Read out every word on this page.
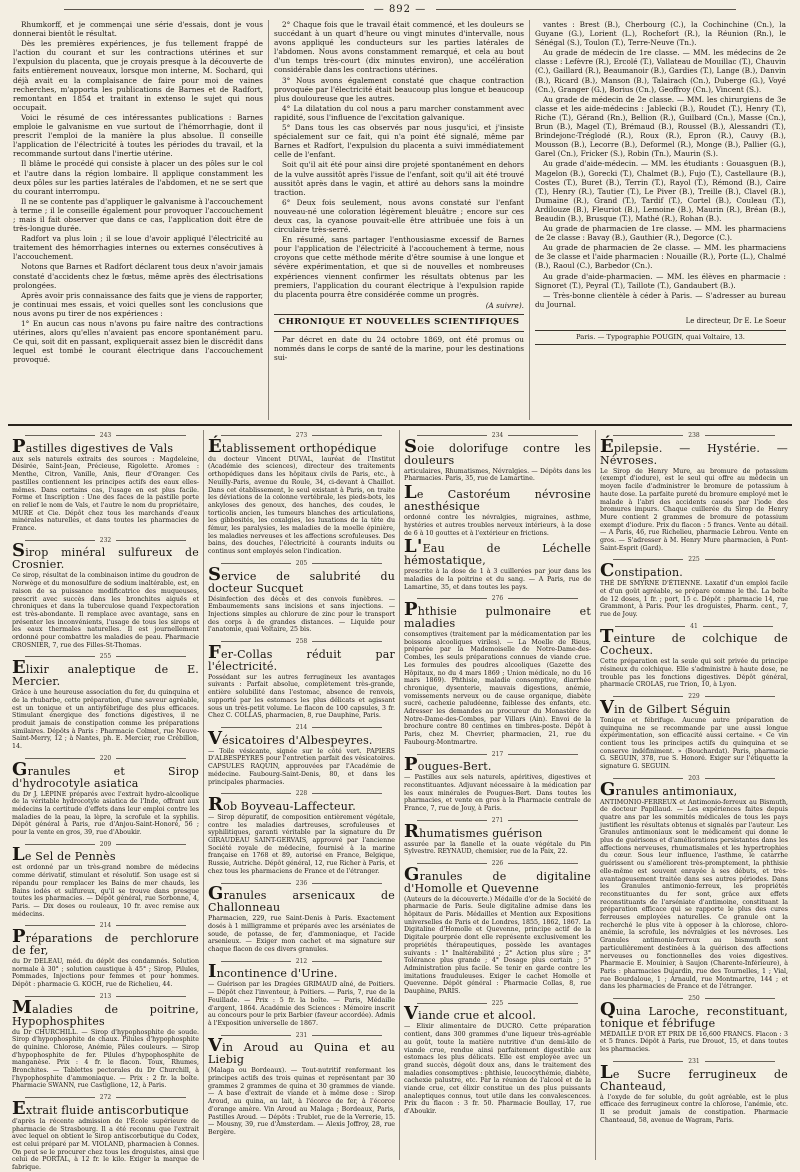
— 892 —

Rhumkorff, et je commençai une série d'essais, dont je vous donnerai bientôt le résultat.

Dès les premières expériences, je fus tellement frappé de l'action du courant et sur les contractions utérines et sur l'expulsion du placenta, que je croyais presque à la découverte de faits entièrement nouveaux, lorsque mon interne, M. Sochard, qui déjà avait eu la complaisance de faire pour moi de vaines recherches, m'apporta les publications de Barnes et de Radfort, remontant en 1854 et traitant in extenso le sujet qui nous occupait.

Voici le résumé de ces intéressantes publications : Barnes emploie le galvanisme en vue surtout de l'hémorrhagie, dont il prescrit l'emploi de la manière la plus absolue. Il conseille l'application de l'électricité à toutes les périodes du travail, et la recommande surtout dans l'inertie utérine.

Il blâme le procédé qui consiste à placer un des pôles sur le col et l'autre dans la région lombaire. Il applique constamment les deux pôles sur les parties latérales de l'abdomen, et ne se sert que du courant interrompu.

Il ne se contente pas d'appliquer le galvanisme à l'accouchement à terme ; il le conseille également pour provoquer l'accouchement ; mais il fait observer que dans ce cas, l'application doit être de très-longue durée.

Radfort va plus loin ; il se loue d'avoir appliqué l'électricité au traitement des hémorrhagies internes ou externes consécutives à l'accouchement.

Notons que Barnes et Radfort déclarent tous deux n'avoir jamais constaté d'accidents chez le fœtus, même après des électrisations prolongées.

Après avoir pris connaissance des faits que je viens de rapporter, je continuai mes essais, et voici quelles sont les conclusions que nous avons pu tirer de nos expériences :

1° En aucun cas nous n'avons pu faire naître des contractions utérines, alors qu'elles n'avaient pas encore spontanément paru. Ce qui, soit dit en passant, expliquerait assez bien le discrédit dans lequel est tombé le courant électrique dans l'accouchement provoqué.

2° Chaque fois que le travail était commencé, et les douleurs se succédant à un quart d'heure ou vingt minutes d'intervalle, nous avons appliqué les conducteurs sur les parties latérales de l'abdomen. Nous avons constamment remarqué, et cela au bout d'un temps très-court (dix minutes environ), une accélération considérable dans les contractions utérines.

3° Nous avons également constaté que chaque contraction provoquée par l'électricité était beaucoup plus longue et beaucoup plus douloureuse que les autres.

4° La dilatation du col nous a paru marcher constamment avec rapidité, sous l'influence de l'excitation galvanique.

5° Dans tous les cas observés par nous jusqu'ici, et j'insiste spécialement sur ce fait, qui n'a point été signalé, même par Barnes et Radfort, l'expulsion du placenta a suivi immédiatement celle de l'enfant.

Soit qu'il ait été pour ainsi dire projeté spontanément en dehors de la vulve aussitôt après l'issue de l'enfant, soit qu'il ait été trouvé aussitôt après dans le vagin, et attiré au dehors sans la moindre traction.

6° Deux fois seulement, nous avons constaté sur l'enfant nouveau-né une coloration légèrement bleuâtre ; encore sur ces deux cas, la cyanose pouvait-elle être attribuée une fois à un circulaire très-serré.

En résumé, sans partager l'enthousiasme excessif de Barnes pour l'application de l'électricité à l'accouchement à terme, nous croyons que cette méthode mérite d'être soumise à une longue et sévère expérimentation, et que si de nouvelles et nombreuses expériences viennent confirmer les résultats obtenus par les premiers, l'application du courant électrique à l'expulsion rapide du placenta pourra être considérée comme un progrès.

(A suivre).
CHRONIQUE ET NOUVELLES SCIENTIFIQUES

Par décret en date du 24 octobre 1869, ont été promus ou nommés dans le corps de santé de la marine, pour les destinations sui-

vantes : Brest (B.), Cherbourg (C.), la Cochinchine (Cn.), la Guyane (G.), Lorient (L.), Rochefort (R.), la Réunion (Rn.), le Sénégal (S.), Toulon (T.), Terre-Neuve (Tn.).

Au grade de médecin de 1re classe. — MM. les médecins de 2e classe : Lefèvre (R.), Ercolé (T.), Vallateau de Mouillac (T.), Chauvin (C.), Gaillard (R.), Beaumanoir (B.), Gardies (T.), Lange (B.), Danvin (B.), Ricard (B.), Manson (B.), Talairach (Cn.), Duberge (G.), Voyé (Cn.), Granger (G.), Borius (Cn.), Geoffroy (Cn.), Vincent (S.).

Au grade de médecin de 2e classe. — MM. les chirurgiens de 3e classe et les aide-médecins : Jablecki (B.), Roudet (T.), Henry (T.), Riche (T.), Gérand (Rn.), Bellion (R.), Guilbard (Cn.), Masse (Cn.), Brun (B.), Magel (T.), Brémaud (B.), Roussel (B.), Alessandri (T.), Brindejonc-Tréglodé (R.), Roux (R.), Epron (R.), Cauvy (B.), Mousson (B.), Lecorre (B.), Deformel (R.), Monge (B.), Pallier (G.), Garel (Cn.), Fricker (S.), Robin (Tn.), Maurin (S.).

Au grade d'aide-médecin. — MM. les étudiants : Gouasguen (B.), Magelon (B.), Gorecki (T.), Chalmet (B.), Fujo (T.), Castellaure (B.), Costes (T.), Buret (B.), Terrin (T.), Rayol (T.), Rémond (B.), Caire (T.), Henry (R.), Tautier (T.), Le Piver (B.), Treille (B.), Clavel (B.), Dumaine (R.), Grand (T.), Tardif (T.), Cortel (B.), Couleau (T.), Ardilouze (B.), Fleuriot (B.), Lemoine (B.), Maurin (R.), Bréan (B.), Beaudin (B.), Brusque (T.), Mathé (R.), Rohan (B.).

Au grade de pharmacien de 1re classe. — MM. les pharmaciens de 2e classe : Bavay (B.), Gauthier (R.), Degorce (C.).

Au grade de pharmacien de 2e classe. — MM. les pharmaciens de 3e classe et l'aide pharmacien : Nouaille (R.), Porte (L.), Chalmé (B.), Raoul (C.), Barbedor (Cn.).

Au grade d'aide-pharmacien. — MM. les élèves en pharmacie : Signoret (T.), Peyral (T.), Taillote (T.), Gandaubert (B.).

— Très-bonne clientèle à céder à Paris. — S'adresser au bureau du Journal.

Le directeur, Dr E. Le Soeur
Paris. — Typographie POUGIN, quai Voltaire, 13.
243
Pastilles digestives de Vals

aux sels naturels extraits des sources : Magdeleine, Désirée, Saint-Jean, Précieuse, Rigolette. Aromes : Menthe, Citron, Vanille, Anis, fleur d'Oranger. Ces pastilles contiennent les principes actifs des eaux elles-mêmes. Dans certains cas, l'usage en est plus facile. Forme et Inscription : Une des faces de la pastille porte en relief le nom de Vals, et l'autre le nom du propriétaire, MURE et Cie. Dépôt chez tous les marchands d'eaux minérales naturelles, et dans toutes les pharmacies de France.

232
Sirop minéral sulfureux de Crosnier.

Ce sirop, résultat de la combinaison intime du goudron de Norwège et du monosulfure de sodium inaltérable, est, en raison de sa puissance modificatrice des muqueuses, prescrit avec succès dans les bronchites aiguës et chroniques et dans la tuberculose quand l'expectoration est très-abondante. Il remplace avec avantage, sans en présenter les inconvénients, l'usage de tous les sirops et les eaux thermales naturelles. Il est journellement ordonné pour combattre les maladies de peau. Pharmacie CROSNIER, 7, rue des Filles-St-Thomas.

255
Elixir analeptique de E. Mercier.

Grâce à une heureuse association du fer, du quinquina et de la rhubarbe, cette préparation, d'une saveur agréable, est un tonique et un antiyfébrifuge des plus efficaces. Stimulant énergique des fonctions digestives, il ne produit jamais de constipation comme les préparations similaires. Dépôts à Paris : Pharmacie Colmet, rue Neuve-Saint-Merry, 12 ; à Nantes, ph. E. Mercier, rue Crébillon, 14.

220
Granules et Sirop d'hydrocotyle asiatica

du Dr J. LÉPINE préparés avec l'extrait hydro-alcoolique de la véritable hydrocotyle asiatica de l'Inde, offrant aux médecins la certitude d'effets dans leur emploi contre les maladies de la peau, la lèpre, la scrofule et la syphilis. Dépôt général à Paris, rue d'Anjou-Saint-Honoré, 56 ; pour la vente en gros, 39, rue d'Aboukir.

209
Le Sel de Pennès

est ordonné par un très-grand nombre de médecins comme dérivatif, stimulant et résolutif. Son usage est si répandu pour remplacer les Bains de mer chauds, les Bains iodés et sulfureux, qu'il se trouve dans presque toutes les pharmacies. — Dépôt général, rue Sorbonne, 4, Paris. — Dix doses ou rouleaux, 10 fr. avec remise aux médecins.

214
Préparations de perchlorure de fer,

du Dr DELEAU, méd. du dépôt des condamnés. Solution normale à 30° ; solution caustique à 45° ; Sirop, Pilules, Pommades, Injections pour femmes et pour hommes. Dépôt : pharmacie G. KOCH, rue de Richelieu, 44.

213
Maladies de poitrine, Hypophosphites

du Dr CHURCHILL. — Sirop d'hypophosphite de soude. Sirop d'hypophosphite de chaux. Pilules d'hypophosphite de quinine. Chlorose, Anémie, Pâles couleurs. — Sirop d'hypophosphite de fer. Pilules d'hypophosphite de manganèse. Prix : 4 fr. le flacon. Toux, Rhumes, Bronchites. — Tablettes pectorales du Dr Churchill, à l'hypophosphite d'ammoniaque. — Prix : 2 fr. la boîte. Pharmacie SWANN, rue Castiglione, 12, à Paris.

272
Extrait fluide antiscorbutique

d'après la récente admission de l'École supérieure de pharmacie de Strasbourg. Il a été reconnu que l'extrait avec lequel on obtient le Sirop antiscorbutique du Codex, est celui préparé par M. VIOLAND, pharmacien à Connes. On peut se le procurer chez tous les droguistes, ainsi que celui de PORTAL, à 12 fr. le kilo. Exiger la marque de fabrique.

273
Établissement orthopédique

du docteur Vincent DUVAL, lauréat de l'Institut (Académie des sciences), directeur des traitements orthopédiques dans les hôpitaux civils de Paris, etc., à Neuilly-Paris, avenue du Roule, 34, ci-devant à Chaillot. Dans cet établissement, le seul existant à Paris, on traite les déviations de la colonne vertébrale, les pieds-bots, les ankyloses des genoux, des hanches, des coudes, le torticolis ancien, les tumeurs blanches des articulations, les gibbosités, les coxalgies, les luxations de la tête du fémur, les paralysies, les maladies de la moelle épinière, les maladies nerveuses et les affections scrofuleuses. Des bains, des douches, l'électricité à courants induits ou continus sont employés selon l'indication.

205
Service de salubrité du docteur Sucquet

Désinfection des décès et des convois funèbres. — Embaumements sans incisions et sans injections. — Injections simples au chlorure de zinc pour le transport des corps à de grandes distances. — Liquide pour l'anatomie, quai Voltaire, 25 bis.

258
Fer-Collas réduit par l'électricité.

Possédant sur les autres ferrugineux les avantages suivants : Parfait absolue, complètement très-grande, entière solubilité dans l'estomac, absence de renvois, supporté par les estomacs les plus délicats et agissant sous un très-petit volume. Le flacon de 100 capsules, 3 fr. Chez C. COLLAS, pharmacien, 8, rue Dauphine, Paris.

214
Vésicatoires d'Albespeyres.

— Toile vésicante, signée sur le côté vert. PAPIERS D'ALBESPEYRES pour l'entretien parfait des vésicatoires. CAPSULES RAQUIN, approuvées par l'Académie de médecine. Faubourg-Saint-Denis, 80, et dans les principales pharmacies.

228
Rob Boyveau-Laffecteur.

— Sirop dépuratif, de composition entièrement végétale, contre les maladies dartreuses, scrofuleuses et syphilitiques, garanti véritable par la signature du Dr GIRAUDEAU SAINT-GERVAIS, approuvé par l'ancienne Société royale de médecine, fournisé à la marine française en 1768 et 89, autorisé en France, Belgique, Russie, Autriche. Dépôt général, 12, rue Richer à Paris, et chez tous les pharmaciens de France et de l'étranger.

236
Granules arsenicaux de Challonneau

Pharmacien, 229, rue Saint-Denis à Paris. Exactement dosés à 1 milligramme et préparés avec les arséniates de soude, de potasse, de fer, d'ammoniaque, et l'acide arsenieux. — Exiger mon cachet et ma signature sur chaque flacon de ces divers granules.

212
Incontinence d'Urine.

— Guérison par les Dragées GRIMAUD aîné, de Poitiers. — Dépôt chez l'inventeur, à Poitiers. — Paris, 7, rue de la Feuillade. — Prix : 5 fr. la boîte. — Paris, Médaille d'argent, 1864. Académie des Sciences : Mémoire inscrit au concours pour le prix Barbier (faveur accordée). Admis à l'Exposition universelle de 1867.

231
Vin Aroud au Quina et au Liebig

(Malaga ou Bordeaux). — Tout-nutritif renfermant les principes actifs des trois quinas et représentant par 30 grammes 2 grammes de quina et 30 grammes de viande. — A base d'extrait de viande et à même dose : Sirop Aroud, au quina, au lait, à l'écorce de fer, à l'écorce d'orange amère. Vin Aroud au Malaga ; Bordeaux, Paris, Pastilles Aroud. — Dépôts : Trublet, rue de la Verrerie, 15. — Mousny, 39, rue d'Amsterdam. — Alexis Joffroy, 28, rue Bergère.

234
Soie dolorifuge contre les douleurs

articulaires, Rhumatismes, Névralgies. — Dépôts dans les Pharmacies. Paris, 35, rue de Lamartine.

Le Castoréum névrosine anesthésique

ordonné contre les névralgies, migraines, asthme, hystéries et autres troubles nerveux intérieurs, à la dose de 6 à 10 gouttes et à l'extérieur en frictions.

L'Eau de Léchelle hémostatique,

prescrite à la dose de 1 à 3 cuillerées par jour dans les maladies de la poitrine et du sang. — A Paris, rue de Lamartine, 35, et dans toutes les pays.

276
Phthisie pulmonaire et maladies

consomptives (traitement par la médicamentation par les boissons alcooliques viriles). — La Moelle de Rieus, préparée par la Mademoiselle de Notre-Dame-des-Combes, les seuls préparations connues de viande crue. Les formules des poudres alcooliques (Gazette des Hôpitaux, no du 4 mars 1869 ; Union médicale, no du 16 mars 1869). Phthisie, maladie consomptive, diarrhée chronique, dysenterie, mauvais digestions, anémie, vomissements nerveux ou de cause organique, diabète sucré, cachexie paludéenne, faiblesse des enfants, etc. Adresser les demandes au procureur du Monastère de Notre-Dame-des-Combes, par Villars (Ain). Envoi de la brochure contre 80 centimes en timbres-poste. Dépôt à Paris, chez M. Chevrier, pharmacien, 21, rue du Faubourg-Montmartre.

217
Pougues-Bert.

— Pastilles aux sels naturels, apéritives, digestives et reconstituantes. Adjuvant nécessaire à la médication par les eaux minérales de Pougues-Bert. Dans toutes les pharmacies, et vente en gros à la Pharmacie centrale de France, 7, rue de Jouy, à Paris.

271
Rhumatismes guérison

assurée par la flanelle et la ouate végétale du Pin Sylvestre. REYNAUD, chemisier, rue de la Paix, 22.

226
Granules de digitaline d'Homolle et Quevenne

(Auteurs de la découverte.) Médaille d'or de la Société de pharmacie de Paris. Seule digitaline admise dans les hôpitaux de Paris. Médailles et Mention aux Expositions universelles de Paris et de Londres, 1855, 1862, 1867. La Digitaline d'Homolle et Quevenne, principe actif de la Digitale pourprée dont elle représente exclusivement les propriétés thérapeutiques, possède les avantages suivants : 1° Inaltérabilité ; 2° Action plus sûre ; 3° Tolérance plus grande ; 4° Dosage plus certain ; 5° Administration plus facile. Se tenir en garde contre les imitations frauduleuses. Exiger le cachet Homolle et Quevenne. Dépôt général : Pharmacie Collas, 8, rue Dauphine, PARIS.

225
Viande crue et alcool.

— Elixir alimentaire de DUCRO. Cette préparation contient, dans 300 grammes d'une liqueur très-agréable au goût, toute la matière nutritive d'un demi-kilo de viande crue, rendue ainsi parfaitement digestible aux estomacs les plus délicats. Elle est employée avec un grand succès, dégoût doux ans, dans le traitement des maladies consomptives : phthisie, leucocythémie, diabète, cachexie palustre, etc. Par la réunion de l'alcool et de la viande crue, cet élixir constitue un des plus puissants analeptiques connus, tout utile dans les convalescences. Prix du flacon : 3 fr. 50. Pharmacie Boullay, 17, rue d'Aboukir.

238
Épilepsie. — Hystérie. — Névroses.

Le Sirop de Henry Mure, au bromure de potassium (exempt d'iodure), est le seul qui offre au médecin un moyen facile d'administrer le bromure de potassium à haute dose. La parfaite pureté du bromure employé met le malade à l'abri des accidents causés par l'iode des bromures impurs. Chaque cuillerée du Sirop de Henry Mure contient 2 grammes de bromure de potassium exempt d'iodure. Prix du flacon : 5 francs. Vente au détail. — A Paris, 46, rue Richelieu, pharmacie Lebrou. Vente en gros. — S'adresser à M. Henry Mure pharmacien, à Pont-Saint-Esprit (Gard).

225
Constipation.

THÉ DE SMYRNE D'ÉTIENNE. Laxatif d'un emploi facile et d'un goût agréable, se prépare comme le thé. La boîte de 12 doses, 1 fr. ; port, 15 c. Dépôt : pharmacie 14, rue Grammont, à Paris. Pour les droguistes, Pharm. cent., 7, rue de Jouy.

41
Teinture de colchique de Cocheux.

Cette préparation est la seule qui soit privée du principe résineux du colchique. Elle s'administre à haute dose, ne trouble pas les fonctions digestives. Dépôt général, pharmacie CROLAS, rue Trion, 10, à Lyon.

229
Vin de Gilbert Séguin

Tonique et fébrifuge. Aucune autre préparation de quinquina ne se recommande par une aussi longue expérimentation, son efficacité aussi certaine. « Ce vin contient tous les principes actifs du quinquina et se conserve indéfiniment. » (Bouchardat). Paris, pharmacie G. SEGUIN, 378, rue S. Honoré. Exiger sur l'étiquette la signature G. SEGUIN.

203
Granules antimoniaux,

ANTIMONIO-FERREUX et Antimonio-ferreux au Bismuth, de docteur Papillaud. — Les expériences faites depuis quatre ans par les sommités médicales de tous les pays justifient les résultats obtenus et signalés par l'auteur. Les Granules antimoniaux sont le médicament qui donne le plus de guérisons et d'améliorations persistantes dans les affections nerveuses, rhumatismales et les hypertrophies du cœur. Sous leur influence, l'asthme, le catarrhe guérissent ou s'améliorent très-promptement, la phthisie elle-même est souvent enrayée à ses débuts, et très-avantageusement traitée dans ses autres périodes. Dans les Granules antimonio-ferreux, les propriétés reconstituantes du fer sont, grâce aux effets reconstituants de l'arséniate d'antimoine, constituant la préparation efficace qui se rapporte le plus des cures ferreuses employées naturelles. Ce granule ont la recherché le plus vite à opposer à la chlorose, chloro-anémie, la scrofule, les névralgies et les névroses. Les Granules antimonio-ferreux au bismuth sont particulièrement destinées à la guérison des affections nerveuses ou fonctionnelles des voies digestives. Pharmacie E. Mouinier, à Saujon (Charente-Inférieure), à Paris : pharmacies Dujardin, rue des Tournelles, 1 ; Vial, rue Bourdaloue, 1 ; Arnauld, rue Montmartre, 144 ; et dans les pharmacies de France et de l'étranger.

250
Quina Laroche, reconstituant, tonique et fébrifuge

MÉDAILLE D'OR ET PRIX DE 16,600 FRANCS. Flacon : 3 et 5 francs. Dépôt à Paris, rue Drouot, 15, et dans toutes les pharmacies.

231
Le Sucre ferrugineux de Chanteaud,

à l'oxyde de fer soluble, du goût agréable, est le plus efficace des ferrugineux contre la chlorose, l'anémie, etc. Il se produit jamais de constipation. Pharmacie Chanteaud, 58, avenue de Wagram, Paris.
